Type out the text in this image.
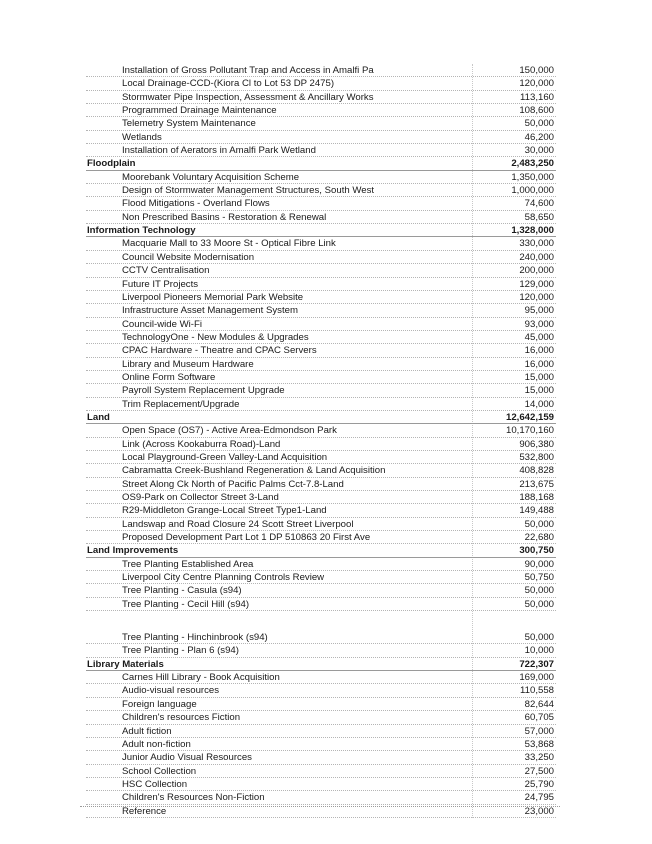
Installation of Gross Pollutant Trap and Access in Amalfi Pa	150,000
Local Drainage-CCD-(Kiora Cl to Lot 53 DP 2475)	120,000
Stormwater Pipe Inspection, Assessment & Ancillary Works	113,160
Programmed Drainage Maintenance	108,600
Telemetry System Maintenance	50,000
Wetlands	46,200
Installation of Aerators in Amalfi Park Wetland	30,000
Floodplain	2,483,250
Moorebank Voluntary Acquisition Scheme	1,350,000
Design of Stormwater Management Structures, South West	1,000,000
Flood Mitigations - Overland Flows	74,600
Non Prescribed Basins - Restoration & Renewal	58,650
Information Technology	1,328,000
Macquarie Mall to 33 Moore St - Optical Fibre Link	330,000
Council Website Modernisation	240,000
CCTV Centralisation	200,000
Future IT Projects	129,000
Liverpool Pioneers Memorial Park Website	120,000
Infrastructure Asset Management System	95,000
Council-wide Wi-Fi	93,000
TechnologyOne - New Modules & Upgrades	45,000
CPAC Hardware - Theatre and CPAC Servers	16,000
Library and Museum Hardware	16,000
Online Form Software	15,000
Payroll System Replacement Upgrade	15,000
Trim Replacement/Upgrade	14,000
Land	12,642,159
Open Space (OS7) - Active Area-Edmondson Park	10,170,160
Link (Across Kookaburra Road)-Land	906,380
Local Playground-Green Valley-Land Acquisition	532,800
Cabramatta Creek-Bushland Regeneration & Land Acquisition	408,828
Street Along Ck North of Pacific Palms Cct-7.8-Land	213,675
OS9-Park on Collector Street 3-Land	188,168
R29-Middleton Grange-Local Street Type1-Land	149,488
Landswap and Road Closure 24 Scott Street Liverpool	50,000
Proposed Development Part Lot 1 DP 510863 20 First Ave	22,680
Land Improvements	300,750
Tree Planting Established Area	90,000
Liverpool City Centre Planning Controls Review	50,750
Tree Planting - Casula (s94)	50,000
Tree Planting - Cecil Hill (s94)	50,000
Tree Planting - Hinchinbrook (s94)	50,000
Tree Planting - Plan 6 (s94)	10,000
Library Materials	722,307
Carnes Hill Library - Book Acquisition	169,000
Audio-visual resources	110,558
Foreign language	82,644
Children's resources Fiction	60,705
Adult fiction	57,000
Adult non-fiction	53,868
Junior Audio Visual Resources	33,250
School Collection	27,500
HSC Collection	25,790
Children's Resources Non-Fiction	24,795
Reference	23,000
